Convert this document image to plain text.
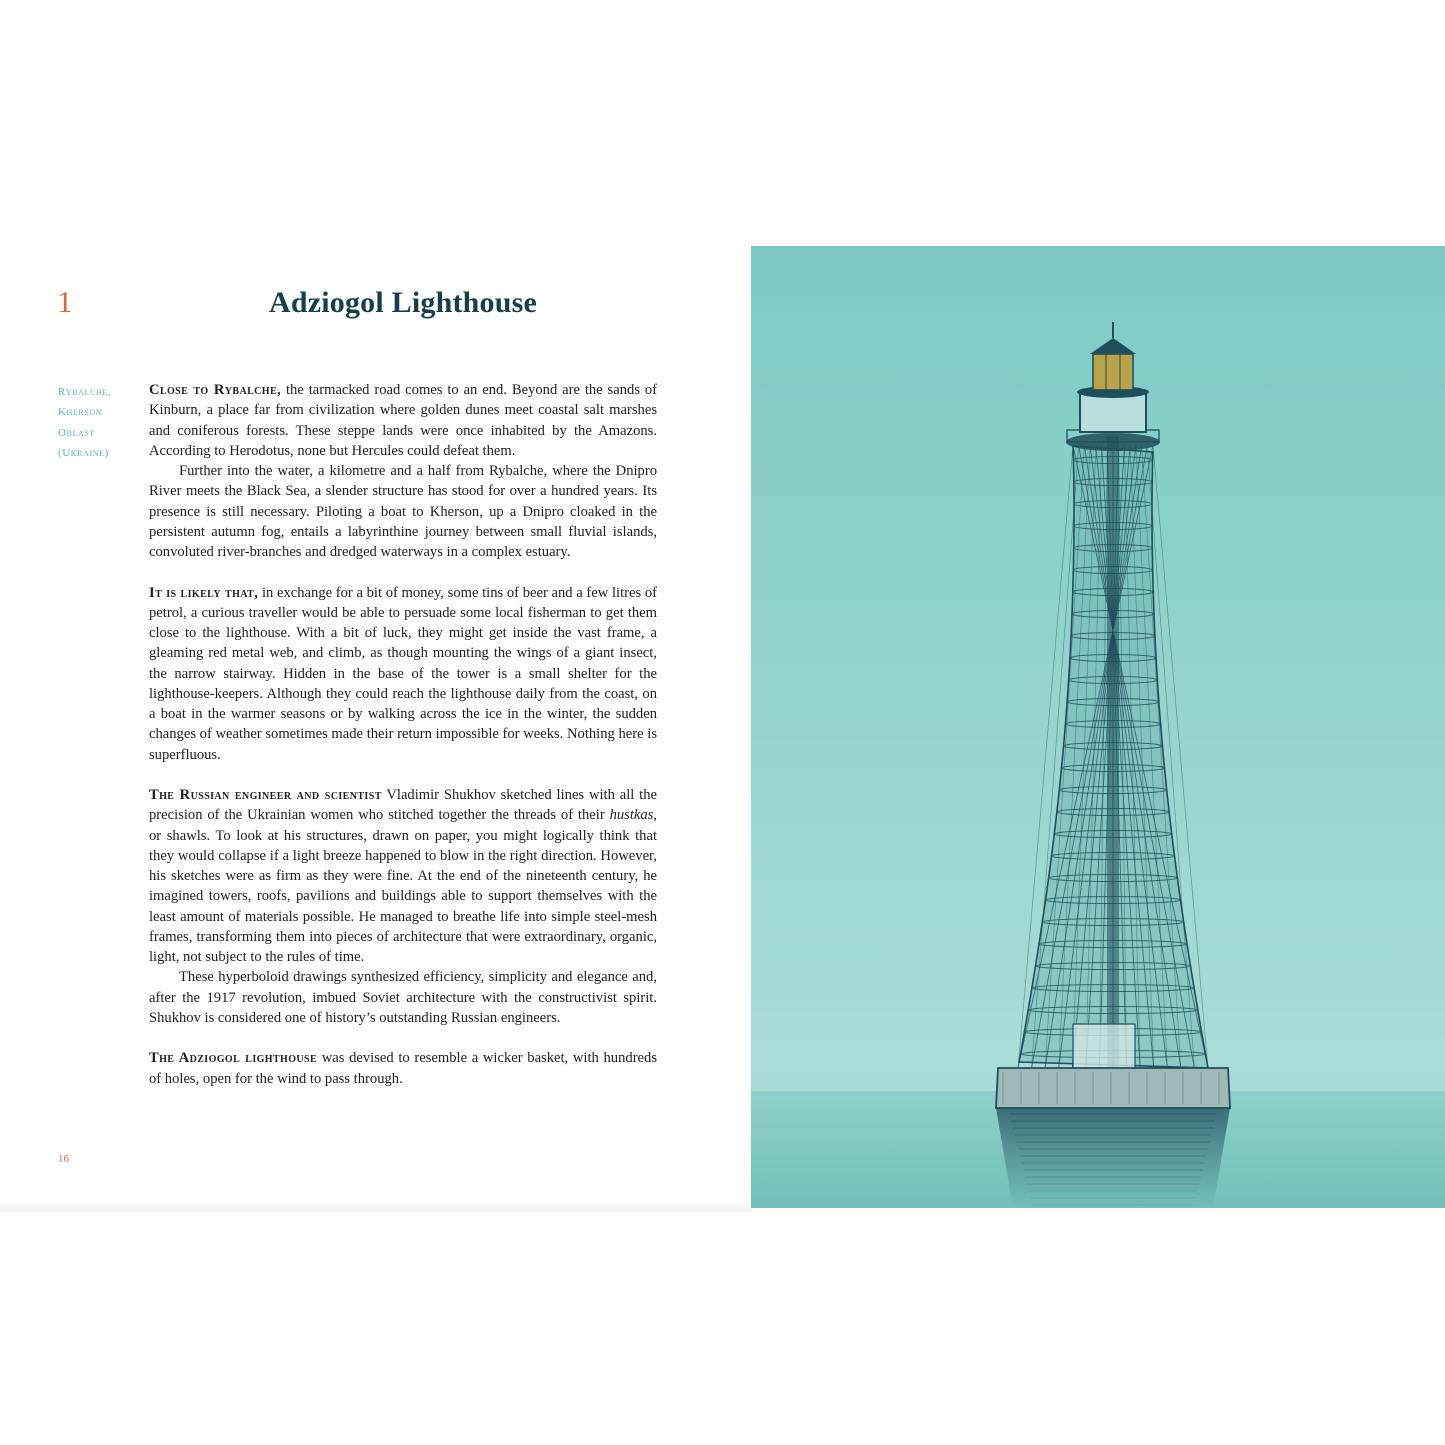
1	Adziogol Lighthouse
Rybalche,
Kherson
Oblast
(Ukraine)

Close to Rybalche, the tarmacked road comes to an end. Beyond are the sands of Kinburn, a place far from civilization where golden dunes meet coastal salt marshes and coniferous forests. These steppe lands were once inhabited by the Amazons. According to Herodotus, none but Hercules could defeat them.

Further into the water, a kilometre and a half from Rybalche, where the Dnipro River meets the Black Sea, a slender structure has stood for over a hundred years. Its presence is still necessary. Piloting a boat to Kherson, up a Dnipro cloaked in the persistent autumn fog, entails a labyrinthine journey between small fluvial islands, convoluted river-branches and dredged waterways in a complex estuary.

It is likely that, in exchange for a bit of money, some tins of beer and a few litres of petrol, a curious traveller would be able to persuade some local fisherman to get them close to the lighthouse. With a bit of luck, they might get inside the vast frame, a gleaming red metal web, and climb, as though mounting the wings of a giant insect, the narrow stairway. Hidden in the base of the tower is a small shelter for the lighthouse-keepers. Although they could reach the lighthouse daily from the coast, on a boat in the warmer seasons or by walking across the ice in the winter, the sudden changes of weather sometimes made their return impossible for weeks. Nothing here is superfluous.

The Russian engineer and scientist Vladimir Shukhov sketched lines with all the precision of the Ukrainian women who stitched together the threads of their hustkas, or shawls. To look at his structures, drawn on paper, you might logically think that they would collapse if a light breeze happened to blow in the right direction. However, his sketches were as firm as they were fine. At the end of the nineteenth century, he imagined towers, roofs, pavilions and buildings able to support themselves with the least amount of materials possible. He managed to breathe life into simple steel-mesh frames, transforming them into pieces of architecture that were extraordinary, organic, light, not subject to the rules of time.

These hyperboloid drawings synthesized efficiency, simplicity and elegance and, after the 1917 revolution, imbued Soviet architecture with the constructivist spirit. Shukhov is considered one of history’s outstanding Russian engineers.

The Adziogol lighthouse was devised to resemble a wicker basket, with hundreds of holes, open for the wind to pass through.

16
